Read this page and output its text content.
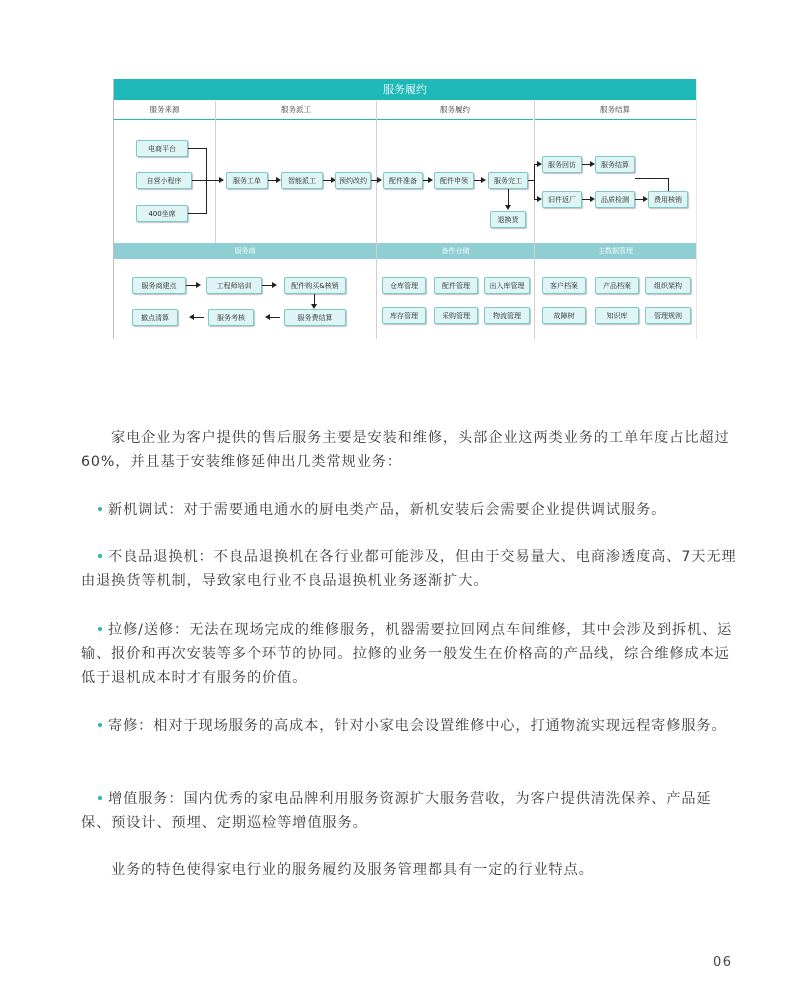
服务履约
服务来源	服务派工	服务履约	服务结算
电商平台
自营小程序
400坐席
服务工单	智能派工	预约改约	配件准备	配件申领	服务完工
退换货
服务回访	服务结算
旧件返厂	品质检测	费用核销
服务商	备件仓储	主数据管理
服务商建点	工程师培训	配件购买&核销
撤点清算	服务考核	服务费结算
仓库管理	配件管理	出入库管理
库存管理	采购管理	物流管理
客户档案	产品档案	组织架构
故障树	知识库	管理规则

家电企业为客户提供的售后服务主要是安装和维修，头部企业这两类业务的工单年度占比超过60%，并且基于安装维修延伸出几类常规业务：

新机调试：对于需要通电通水的厨电类产品，新机安装后会需要企业提供调试服务。

不良品退换机：不良品退换机在各行业都可能涉及，但由于交易量大、电商渗透度高、7天无理由退换货等机制，导致家电行业不良品退换机业务逐渐扩大。

拉修/送修：无法在现场完成的维修服务，机器需要拉回网点车间维修，其中会涉及到拆机、运输、报价和再次安装等多个环节的协同。拉修的业务一般发生在价格高的产品线，综合维修成本远低于退机成本时才有服务的价值。

寄修：相对于现场服务的高成本，针对小家电会设置维修中心，打通物流实现远程寄修服务。

增值服务：国内优秀的家电品牌利用服务资源扩大服务营收，为客户提供清洗保养、产品延保、预设计、预埋、定期巡检等增值服务。

业务的特色使得家电行业的服务履约及服务管理都具有一定的行业特点。

06
